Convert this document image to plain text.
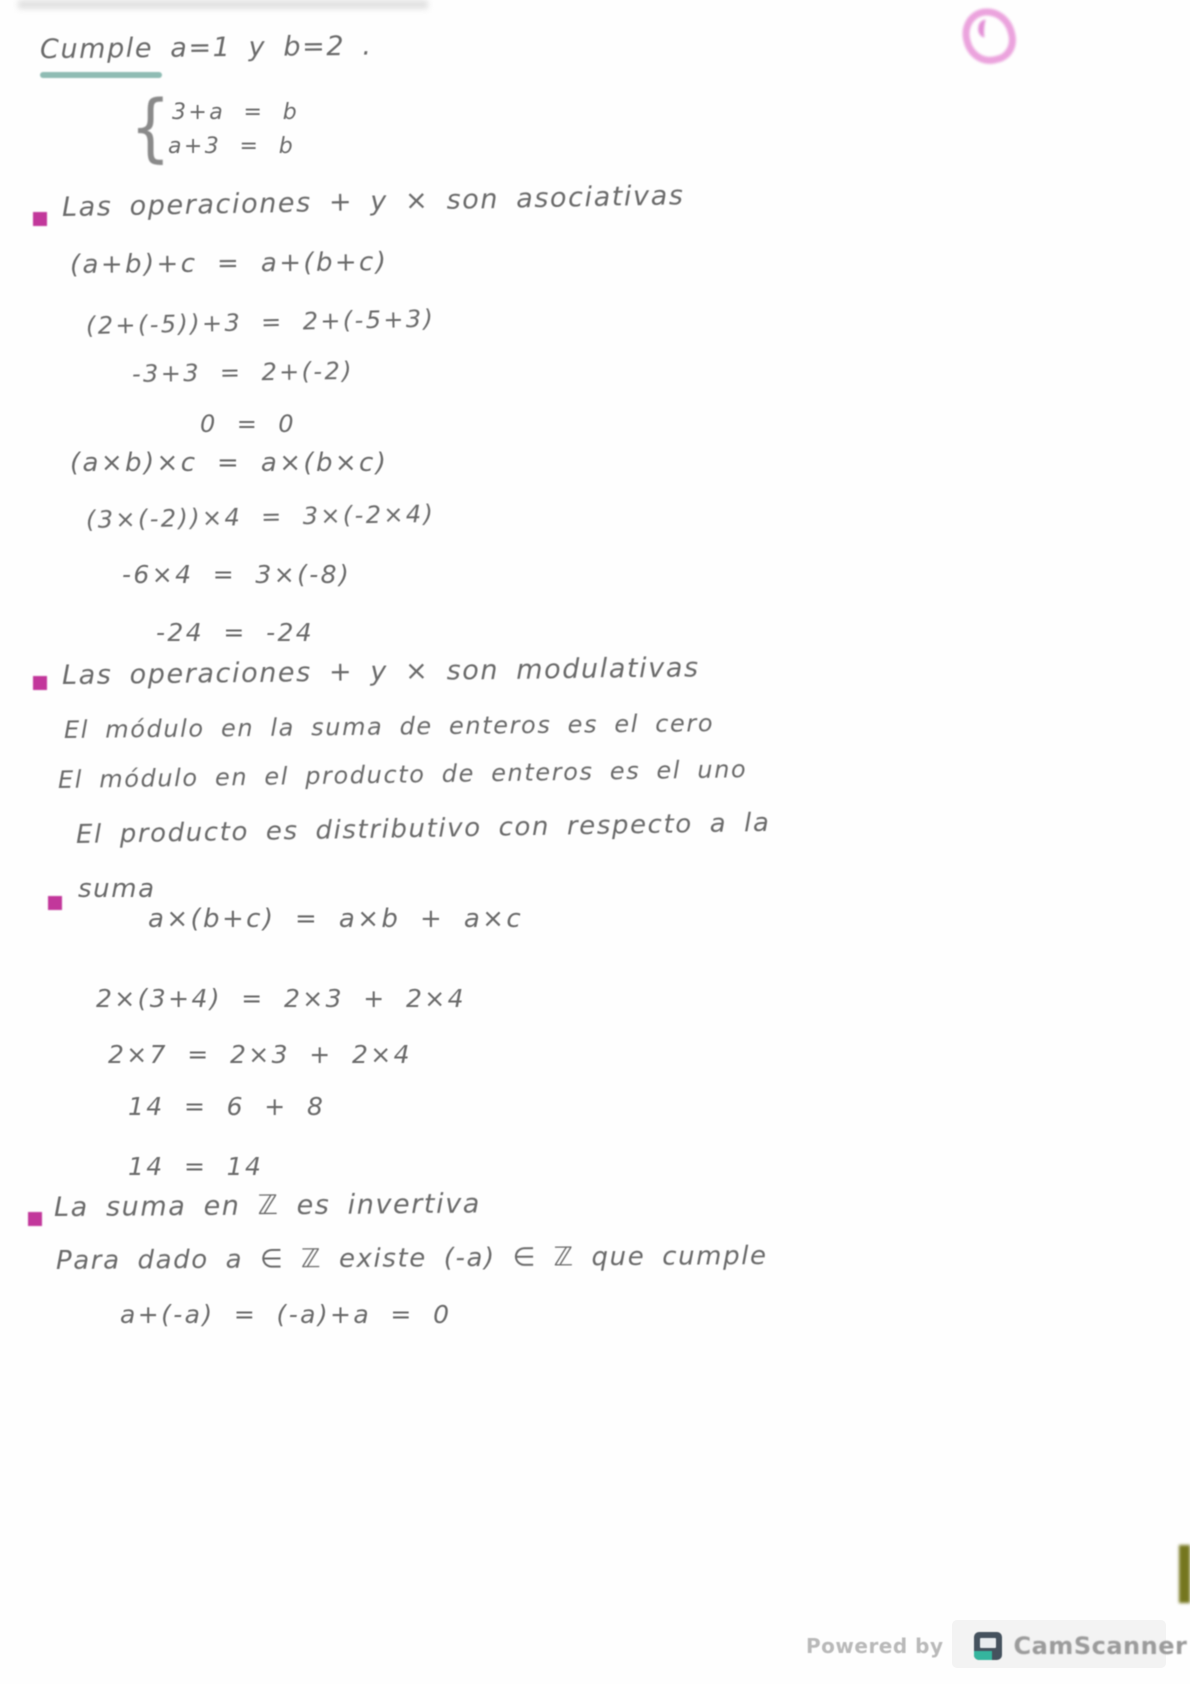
Cumple a=1 y b=2 .
{ 3+a = b
a+3 = b
Las operaciones + y × son asociativas
(a+b)+c = a+(b+c)
(2+(-5))+3 = 2+(-5+3)
-3+3 = 2+(-2)
0 = 0
(a×b)×c = a×(b×c)
(3×(-2))×4 = 3×(-2×4)
-6×4 = 3×(-8)
-24 = -24
Las operaciones + y × son modulativas
El módulo en la suma de enteros es el cero
El módulo en el producto de enteros es el uno
El producto es distributivo con respecto a la
suma
a×(b+c) = a×b + a×c
2×(3+4) = 2×3 + 2×4
2×7 = 2×3 + 2×4
14 = 6 + 8
14 = 14
La suma en ℤ es invertiva
Para dado a ∈ ℤ existe (-a) ∈ ℤ que cumple
a+(-a) = (-a)+a = 0
Powered by	CamScanner
